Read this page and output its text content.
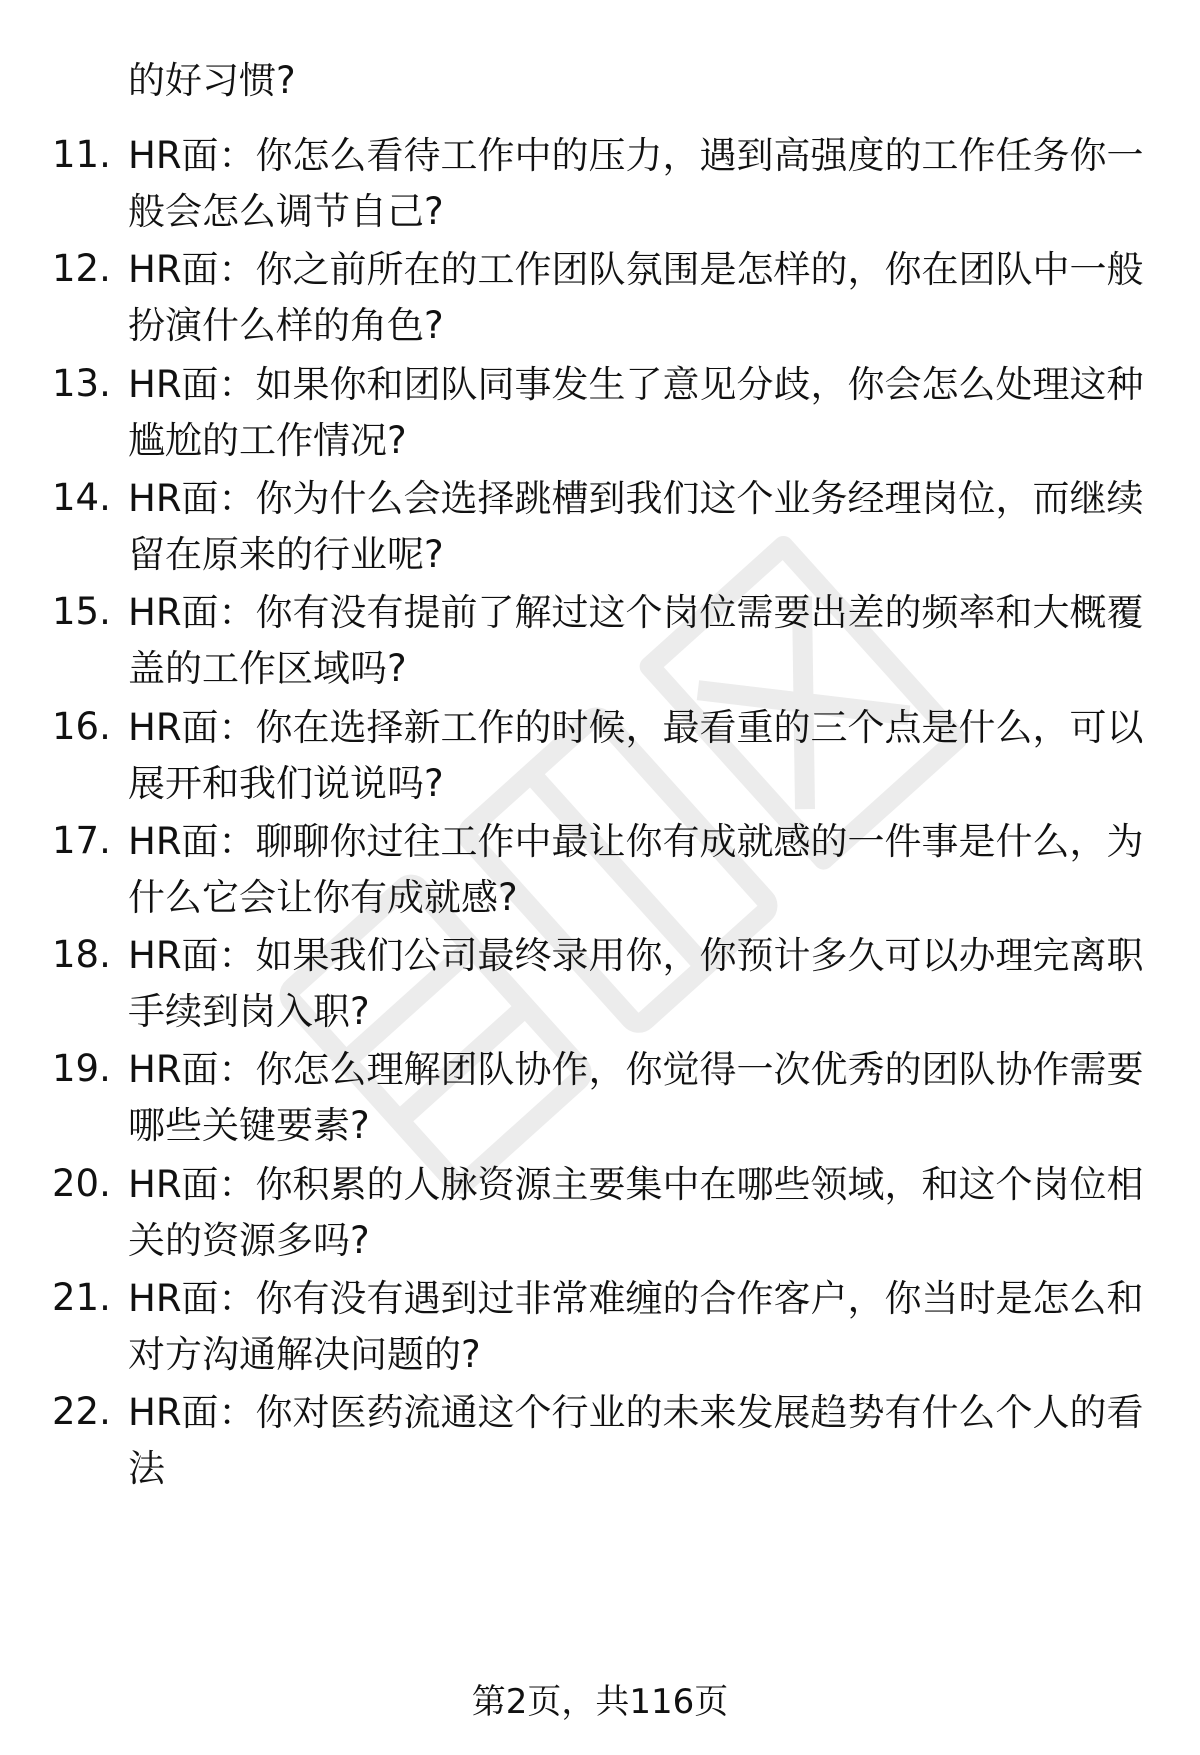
的好习惯?
11. HR面：你怎么看待工作中的压力，遇到高强度的工作任务你一般会怎么调节自己?
12. HR面：你之前所在的工作团队氛围是怎样的，你在团队中一般扮演什么样的角色?
13. HR面：如果你和团队同事发生了意见分歧，你会怎么处理这种尴尬的工作情况?
14. HR面：你为什么会选择跳槽到我们这个业务经理岗位，而继续留在原来的行业呢?
15. HR面：你有没有提前了解过这个岗位需要出差的频率和大概覆盖的工作区域吗?
16. HR面：你在选择新工作的时候，最看重的三个点是什么，可以展开和我们说说吗?
17. HR面：聊聊你过往工作中最让你有成就感的一件事是什么，为什么它会让你有成就感?
18. HR面：如果我们公司最终录用你，你预计多久可以办理完离职手续到岗入职?
19. HR面：你怎么理解团队协作，你觉得一次优秀的团队协作需要哪些关键要素?
20. HR面：你积累的人脉资源主要集中在哪些领域，和这个岗位相关的资源多吗?
21. HR面：你有没有遇到过非常难缠的合作客户，你当时是怎么和对方沟通解决问题的?
22. HR面：你对医药流通这个行业的未来发展趋势有什么个人的看法
第2页，共116页
